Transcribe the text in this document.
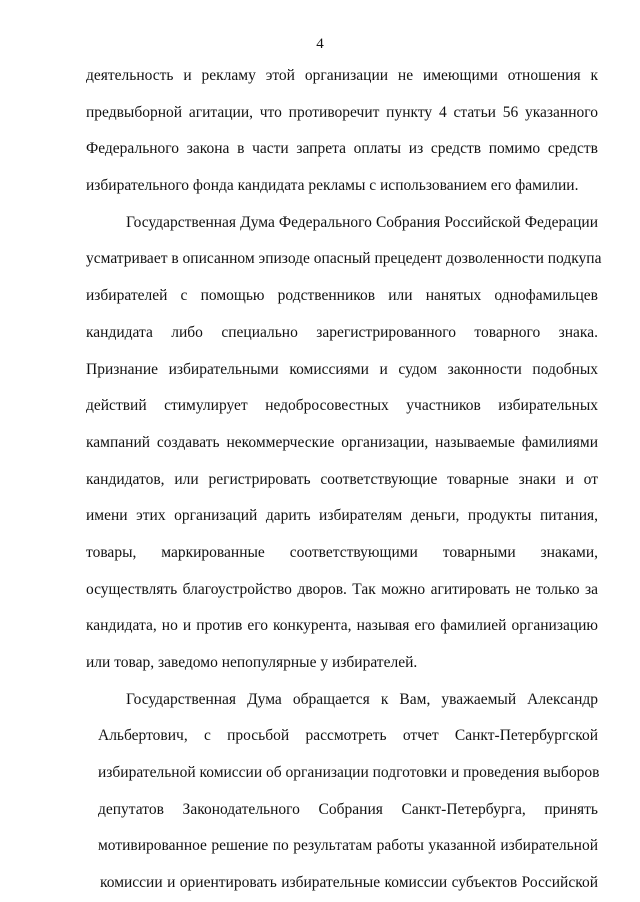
4
деятельность и рекламу этой организации не имеющими отношения к
предвыборной агитации, что противоречит пункту 4 статьи 56 указанного
Федерального закона в части запрета оплаты из средств помимо средств
избирательного фонда кандидата рекламы с использованием его фамилии.
Государственная Дума Федерального Собрания Российской Федерации
усматривает в описанном эпизоде опасный прецедент дозволенности подкупа
избирателей с помощью родственников или нанятых однофамильцев
кандидата либо специально зарегистрированного товарного знака.
Признание избирательными комиссиями и судом законности подобных
действий стимулирует недобросовестных участников избирательных
кампаний создавать некоммерческие организации, называемые фамилиями
кандидатов, или регистрировать соответствующие товарные знаки и от
имени этих организаций дарить избирателям деньги, продукты питания,
товары, маркированные соответствующими товарными знаками,
осуществлять благоустройство дворов. Так можно агитировать не только за
кандидата, но и против его конкурента, называя его фамилией организацию
или товар, заведомо непопулярные у избирателей.
Государственная Дума обращается к Вам, уважаемый Александр
Альбертович, с просьбой рассмотреть отчет Санкт-Петербургской
избирательной комиссии об организации подготовки и проведения выборов
депутатов Законодательного Собрания Санкт-Петербурга, принять
мотивированное решение по результатам работы указанной избирательной
комиссии и ориентировать избирательные комиссии субъектов Российской
